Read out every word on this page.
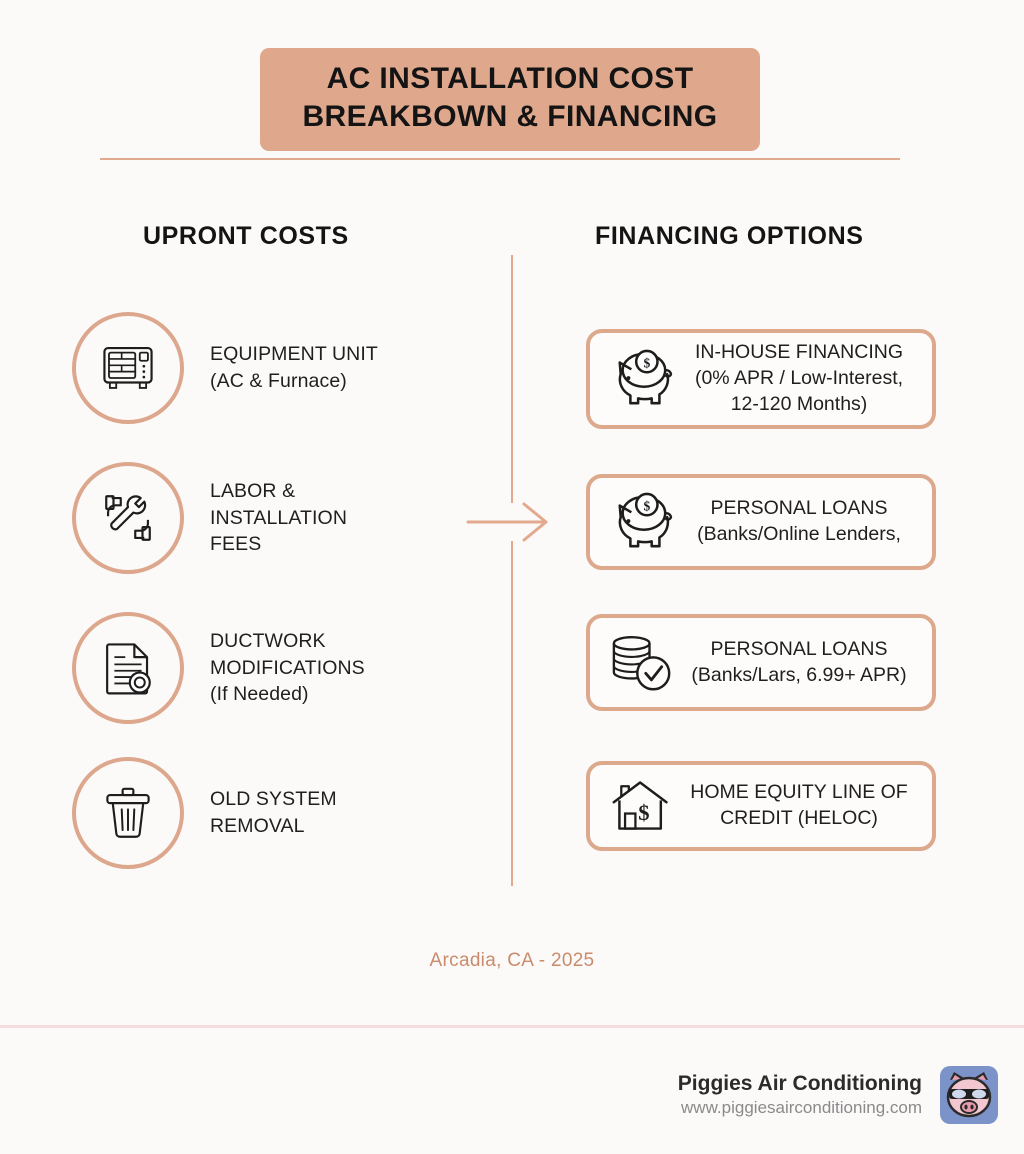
AC INSTALLATION COST
BREAKBOWN & FINANCING
UPRONT COSTS	FINANCING OPTIONS
EQUIPMENT UNIT
(AC & Furnace)
LABOR &
INSTALLATION
FEES
DUCTWORK
MODIFICATIONS
(If Needed)
OLD SYSTEM
REMOVAL
$	IN-HOUSE FINANCING
(0% APR / Low-Interest,
12-120 Months)
$	PERSONAL LOANS
(Banks/Online Lenders,
PERSONAL LOANS
(Banks/Lars, 6.99+ APR)
$
HOME EQUITY LINE OF
CREDIT (HELOC)
Arcadia, CA - 2025
Piggies Air Conditioning
www.piggiesairconditioning.com
